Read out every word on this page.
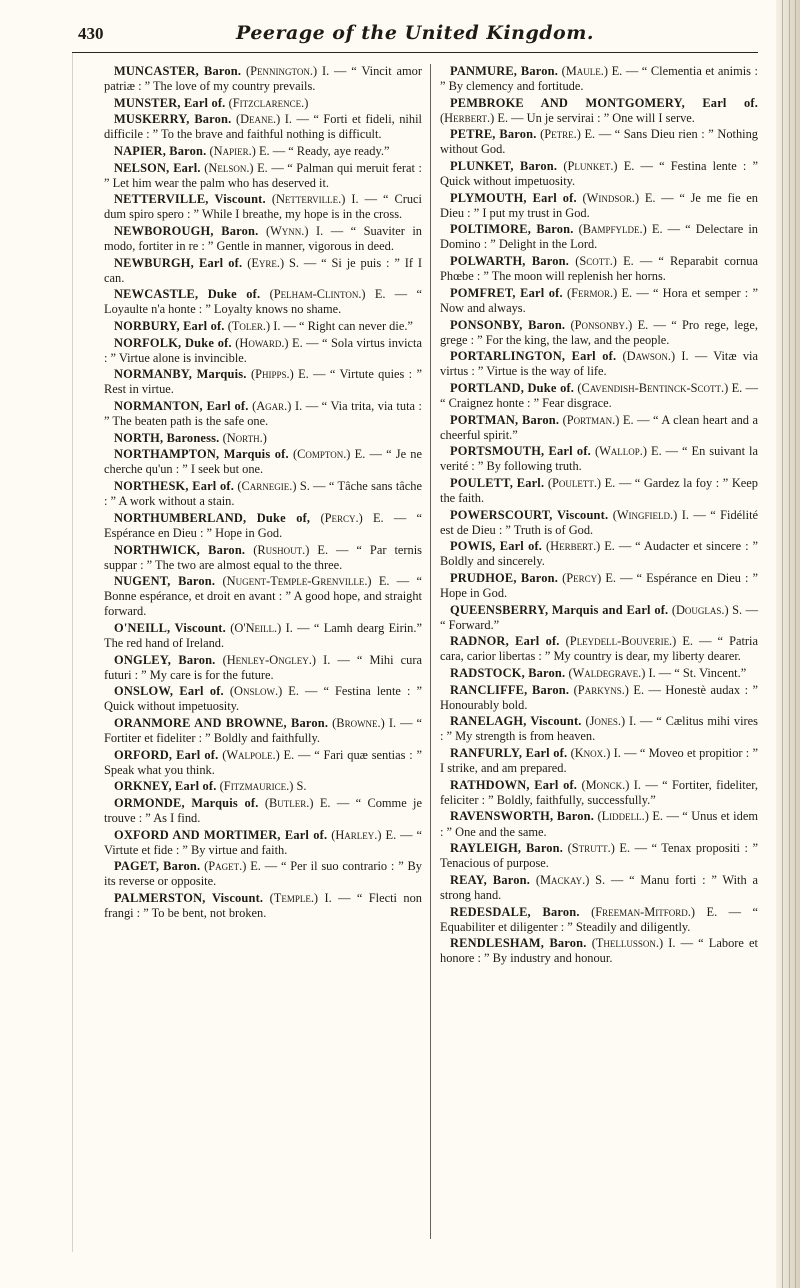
430	Peerage of the United Kingdom.

MUNCASTER, Baron. (Pennington.) I. — “ Vincit amor patriæ : ” The love of my country prevails.

MUNSTER, Earl of. (Fitzclarence.)

MUSKERRY, Baron. (Deane.) I. — “ Forti et fideli, nihil difficile : ” To the brave and faithful nothing is difficult.

NAPIER, Baron. (Napier.) E. — “ Ready, aye ready.”

NELSON, Earl. (Nelson.) E. — “ Palman qui meruit ferat : ” Let him wear the palm who has deserved it.

NETTERVILLE, Viscount. (Netterville.) I. — “ Cruci dum spiro spero : ” While I breathe, my hope is in the cross.

NEWBOROUGH, Baron. (Wynn.) I. — “ Suaviter in modo, fortiter in re : ” Gentle in manner, vigorous in deed.

NEWBURGH, Earl of. (Eyre.) S. — “ Si je puis : ” If I can.

NEWCASTLE, Duke of. (Pelham-Clinton.) E. — “ Loyaulte n'a honte : ” Loyalty knows no shame.

NORBURY, Earl of. (Toler.) I. — “ Right can never die.”

NORFOLK, Duke of. (Howard.) E. — “ Sola virtus invicta : ” Virtue alone is invincible.

NORMANBY, Marquis. (Phipps.) E. — “ Virtute quies : ” Rest in virtue.

NORMANTON, Earl of. (Agar.) I. — “ Via trita, via tuta : ” The beaten path is the safe one.

NORTH, Baroness. (North.)

NORTHAMPTON, Marquis of. (Compton.) E. — “ Je ne cherche qu'un : ” I seek but one.

NORTHESK, Earl of. (Carnegie.) S. — “ Tâche sans tâche : ” A work without a stain.

NORTHUMBERLAND, Duke of, (Percy.) E. — “ Espérance en Dieu : ” Hope in God.

NORTHWICK, Baron. (Rushout.) E. — “ Par ternis suppar : ” The two are almost equal to the three.

NUGENT, Baron. (Nugent-Temple-Grenville.) E. — “ Bonne espérance, et droit en avant : ” A good hope, and straight forward.

O'NEILL, Viscount. (O'Neill.) I. — “ Lamh dearg Eirin.” The red hand of Ireland.

ONGLEY, Baron. (Henley-Ongley.) I. — “ Mihi cura futuri : ” My care is for the future.

ONSLOW, Earl of. (Onslow.) E. — “ Festina lente : ” Quick without impetuosity.

ORANMORE AND BROWNE, Baron. (Browne.) I. — “ Fortiter et fideliter : ” Boldly and faithfully.

ORFORD, Earl of. (Walpole.) E. — “ Fari quæ sentias : ” Speak what you think.

ORKNEY, Earl of. (Fitzmaurice.) S.

ORMONDE, Marquis of. (Butler.) E. — “ Comme je trouve : ” As I find.

OXFORD AND MORTIMER, Earl of. (Harley.) E. — “ Virtute et fide : ” By virtue and faith.

PAGET, Baron. (Paget.) E. — “ Per il suo contrario : ” By its reverse or opposite.

PALMERSTON, Viscount. (Temple.) I. — “ Flecti non frangi : ” To be bent, not broken.

PANMURE, Baron. (Maule.) E. — “ Clementia et animis : ” By clemency and fortitude.

PEMBROKE AND MONTGOMERY, Earl of. (Herbert.) E. — Un je servirai : ” One will I serve.

PETRE, Baron. (Petre.) E. — “ Sans Dieu rien : ” Nothing without God.

PLUNKET, Baron. (Plunket.) E. — “ Festina lente : ” Quick without impetuosity.

PLYMOUTH, Earl of. (Windsor.) E. — “ Je me fie en Dieu : ” I put my trust in God.

POLTIMORE, Baron. (Bampfylde.) E. — “ Delectare in Domino : ” Delight in the Lord.

POLWARTH, Baron. (Scott.) E. — “ Reparabit cornua Phœbe : ” The moon will replenish her horns.

POMFRET, Earl of. (Fermor.) E. — “ Hora et semper : ” Now and always.

PONSONBY, Baron. (Ponsonby.) E. — “ Pro rege, lege, grege : ” For the king, the law, and the people.

PORTARLINGTON, Earl of. (Dawson.) I. — Vitæ via virtus : ” Virtue is the way of life.

PORTLAND, Duke of. (Cavendish-Bentinck-Scott.) E. — “ Craignez honte : ” Fear disgrace.

PORTMAN, Baron. (Portman.) E. — “ A clean heart and a cheerful spirit.”

PORTSMOUTH, Earl of. (Wallop.) E. — “ En suivant la verité : ” By following truth.

POULETT, Earl. (Poulett.) E. — “ Gardez la foy : ” Keep the faith.

POWERSCOURT, Viscount. (Wingfield.) I. — “ Fidélité est de Dieu : ” Truth is of God.

POWIS, Earl of. (Herbert.) E. — “ Audacter et sincere : ” Boldly and sincerely.

PRUDHOE, Baron. (Percy) E. — “ Espérance en Dieu : ” Hope in God.

QUEENSBERRY, Marquis and Earl of. (Douglas.) S. — “ Forward.”

RADNOR, Earl of. (Pleydell-Bouverie.) E. — “ Patria cara, carior libertas : ” My country is dear, my liberty dearer.

RADSTOCK, Baron. (Waldegrave.) I. — “ St. Vincent.”

RANCLIFFE, Baron. (Parkyns.) E. — Honestè audax : ” Honourably bold.

RANELAGH, Viscount. (Jones.) I. — “ Cælitus mihi vires : ” My strength is from heaven.

RANFURLY, Earl of. (Knox.) I. — “ Moveo et propitior : ” I strike, and am prepared.

RATHDOWN, Earl of. (Monck.) I. — “ Fortiter, fideliter, feliciter : ” Boldly, faithfully, successfully.”

RAVENSWORTH, Baron. (Liddell.) E. — “ Unus et idem : ” One and the same.

RAYLEIGH, Baron. (Strutt.) E. — “ Tenax propositi : ” Tenacious of purpose.

REAY, Baron. (Mackay.) S. — “ Manu forti : ” With a strong hand.

REDESDALE, Baron. (Freeman-Mitford.) E. — “ Equabiliter et diligenter : ” Steadily and diligently.

RENDLESHAM, Baron. (Thellusson.) I. — “ Labore et honore : ” By industry and honour.
